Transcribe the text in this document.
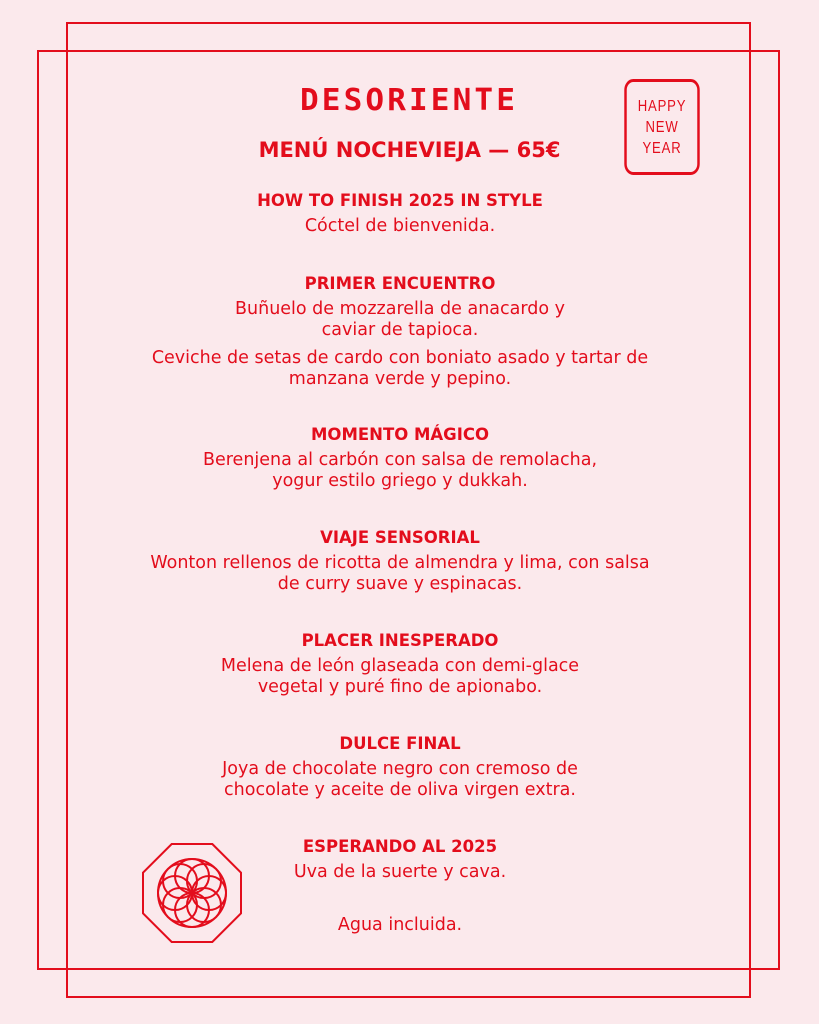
DESORIENTE	HAPPY
NEW
YEAR
MENÚ NOCHEVIEJA — 65€
HOW TO FINISH 2025 IN STYLE

Cóctel de bienvenida.

PRIMER ENCUENTRO

Buñuelo de mozzarella de anacardo y caviar de tapioca.

Ceviche de setas de cardo con boniato asado y tartar de manzana verde y pepino.

MOMENTO MÁGICO

Berenjena al carbón con salsa de remolacha, yogur estilo griego y dukkah.

VIAJE SENSORIAL

Wonton rellenos de ricotta de almendra y lima, con salsa de curry suave y espinacas.

PLACER INESPERADO

Melena de león glaseada con demi-glace vegetal y puré fino de apionabo.

DULCE FINAL

Joya de chocolate negro con cremoso de chocolate y aceite de oliva virgen extra.

ESPERANDO AL 2025

Uva de la suerte y cava.

Agua incluida.
